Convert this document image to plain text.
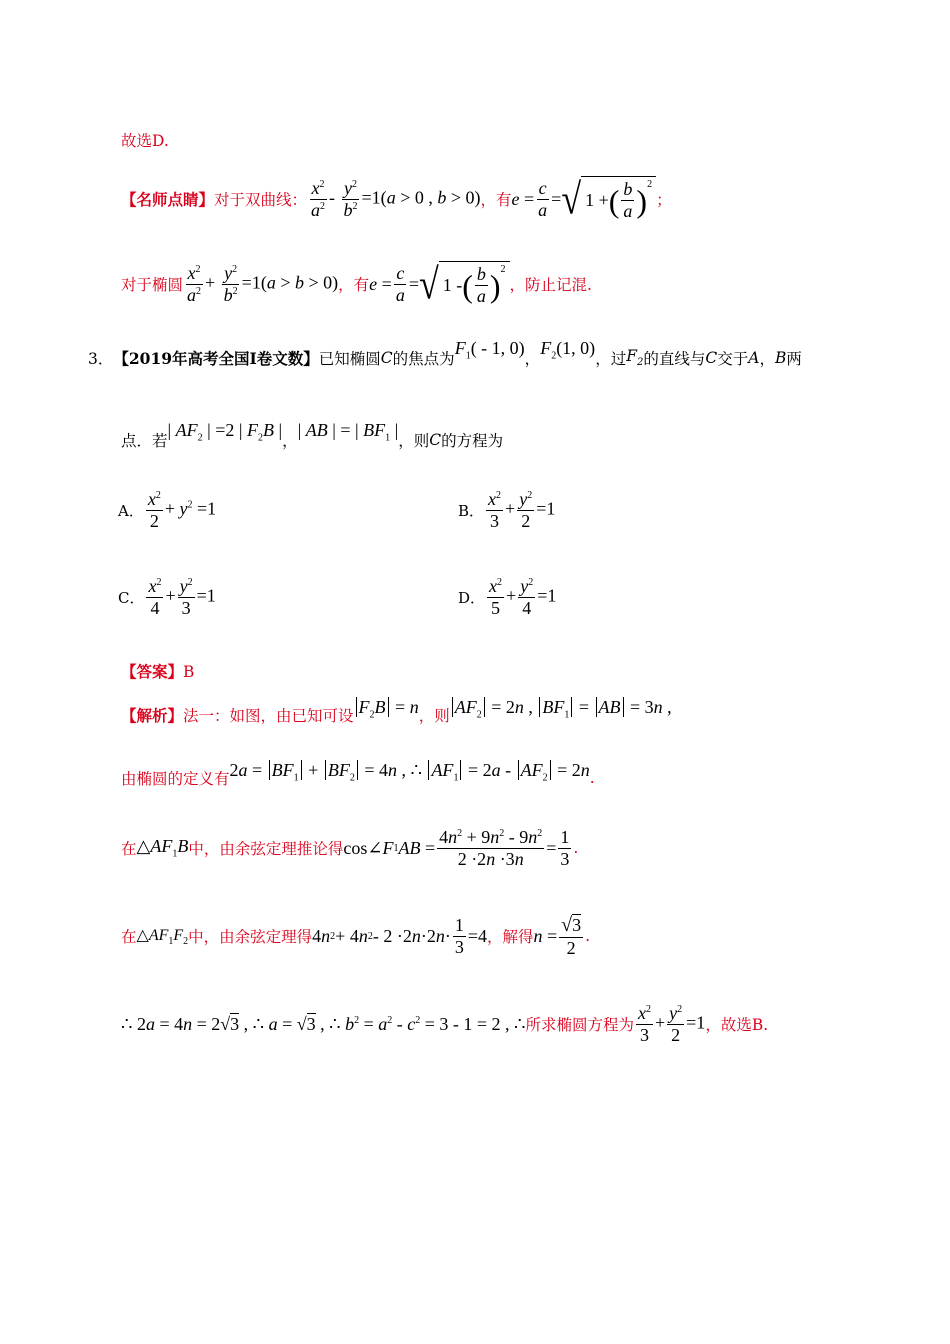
故选D.
【名师点睛】 对于双曲线： $\frac{x^2}{a^2} - \frac{y^2}{b^2} =1(a > 0$ , b > 0) ，有 $e = \frac{c}{a}$ = √ 1 + ( $\frac{b}{a} )^2$
；
对于椭圆 $\frac{x^2}{a^2} + \frac{y^2}{b^2} =1(a > b > 0)$ ，有 $e = \frac{c}{a}$ = √ 1 - ( $\frac{b}{a} )^2$
，防止记混.
3． 【2019年高考全国Ⅰ卷文数】 已知椭圆 C 的焦点为
$F_1( - 1$, 0)
，
$F_2(1$, 0)
，过 $F_2$ 的直线与 C 交于 A ， B 两
点．若
| $AF_2$ | =2 | $F_2B$ |
，
| AB | = | $BF_1$ |
，则 C 的方程为
A． $\frac{x^2}{2} + y^2 =1$	B． $\frac{x^2}{3} + \frac{y^2}{2} =1$
C． $\frac{x^2}{4} + \frac{y^2}{3} =1$	D． $\frac{x^2}{5} + \frac{y^2}{4} =1$
【答案】B
【解析】 法一：如图，由已知可设 $F_2B = n$ ，则 $AF_2 = 2n$ , $BF_1$ = AB = 3n ,
由椭圆的定义有 $2a = BF_1 + BF_2 = 4n$ , ∴ $AF_1 = 2a - AF_2 = 2n$ .
在 $\triangle AF_1B$ 中，由余弦定理推论得 cos∠ F 1 AB = $\frac{4n^2 + 9n^2 - 9n^2}{2 \cdot 2n \cdot 3n} = \frac{1}{3}$ .
在 $\triangle AF_1F_2$ 中，由余弦定理得 4 n 2 + 4 n 2 - 2 ·2 n ·2 $n \cdot \frac{1}{3} =4$ ，解得 $n = \frac{√3}{2}$ .
∴ 2a = 4n = 2√3 , ∴ a = √3 , ∴ $b^2 = a^2 - c^2 = 3 - 1 = 2$ , ∴ 所求椭圆方程为 $\frac{x^2}{3} + \frac{y^2}{2} =1$ ，故选B.
